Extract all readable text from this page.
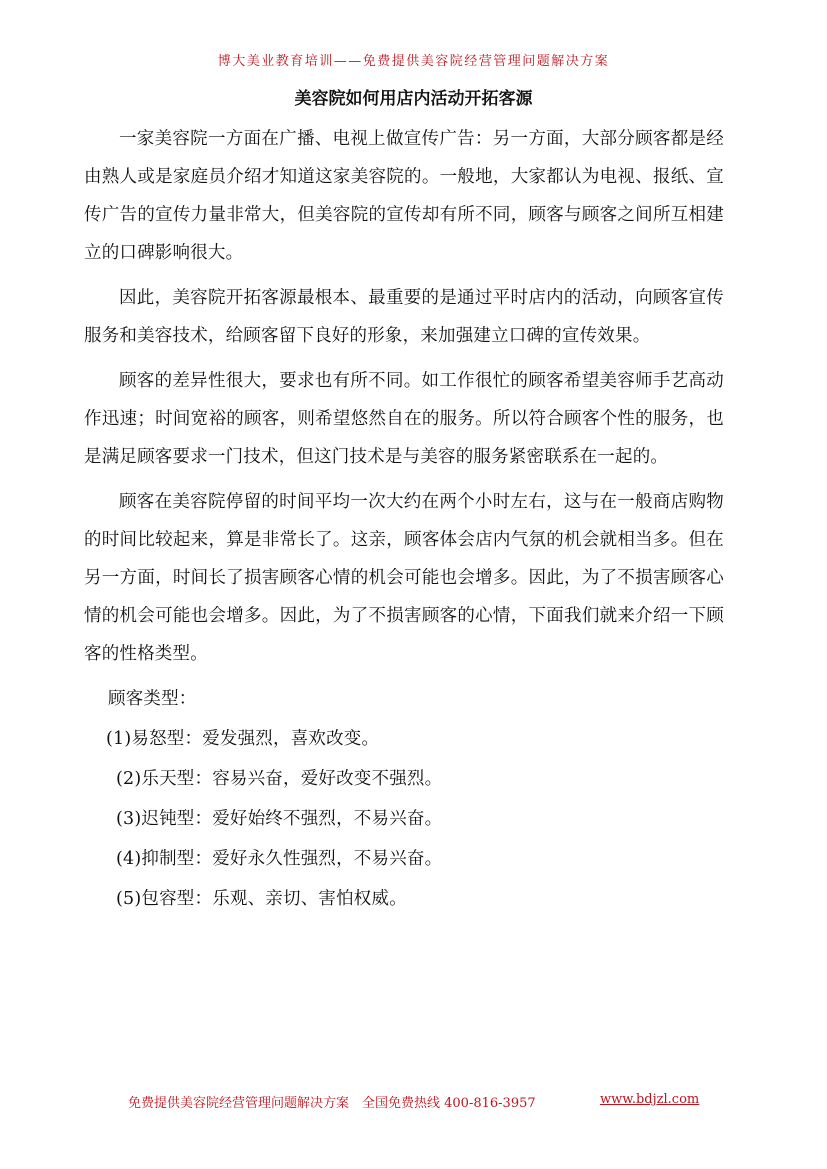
博大美业教育培训——免费提供美容院经营管理问题解决方案
美容院如何用店内活动开拓客源

一家美容院一方面在广播、电视上做宣传广告：另一方面，大部分顾客都是经由熟人或是家庭员介绍才知道这家美容院的。一般地，大家都认为电视、报纸、宣传广告的宣传力量非常大，但美容院的宣传却有所不同，顾客与顾客之间所互相建立的口碑影响很大。

因此，美容院开拓客源最根本、最重要的是通过平时店内的活动，向顾客宣传服务和美容技术，给顾客留下良好的形象，来加强建立口碑的宣传效果。

顾客的差异性很大，要求也有所不同。如工作很忙的顾客希望美容师手艺高动作迅速；时间宽裕的顾客，则希望悠然自在的服务。所以符合顾客个性的服务，也是满足顾客要求一门技术，但这门技术是与美容的服务紧密联系在一起的。

顾客在美容院停留的时间平均一次大约在两个小时左右，这与在一般商店购物的时间比较起来，算是非常长了。这亲，顾客体会店内气氛的机会就相当多。但在另一方面，时间长了损害顾客心情的机会可能也会增多。因此，为了不损害顾客心情的机会可能也会增多。因此，为了不损害顾客的心情，下面我们就来介绍一下顾客的性格类型。

顾客类型：

(1)易怒型：爱发强烈，喜欢改变。

(2)乐天型：容易兴奋，爱好改变不强烈。

(3)迟钝型：爱好始终不强烈，不易兴奋。

(4)抑制型：爱好永久性强烈，不易兴奋。

(5)包容型：乐观、亲切、害怕权威。

免费提供美容院经营管理问题解决方案　全国免费热线 400-816-3957	www.bdjzl.com
